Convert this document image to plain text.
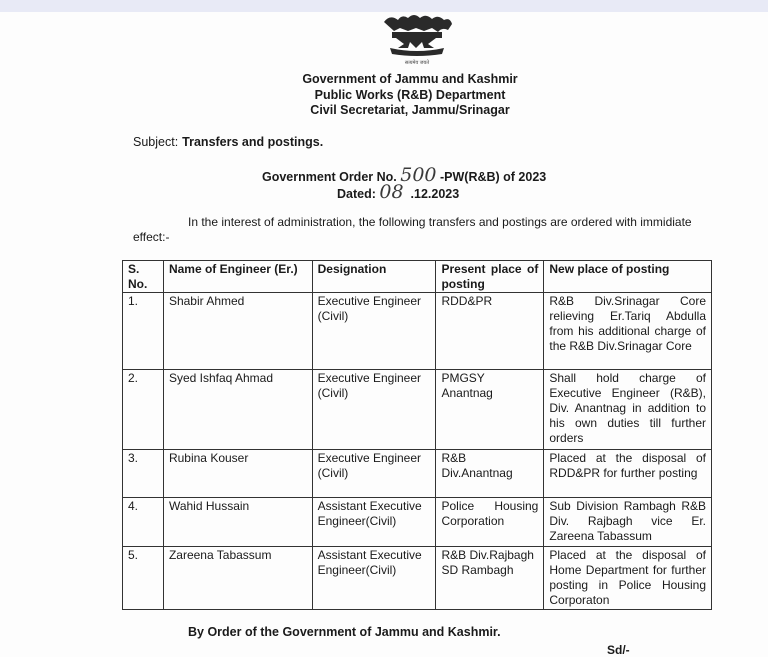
सत्यमेव जयते
Government of Jammu and Kashmir
Public Works (R&B) Department
Civil Secretariat, Jammu/Srinagar
Subject: Transfers and postings.
Government Order No. 500 -PW(R&B) of 2023
Dated: 08 .12.2023
In the interest of administration, the following transfers and postings are ordered with immidiate effect:-
S. No.	Name of Engineer (Er.)	Designation	Present place of posting	New place of posting
1.	Shabir Ahmed	Executive Engineer (Civil)	RDD&PR	R&B Div.Srinagar Core relieving Er.Tariq Abdulla from his additional charge of the R&B Div.Srinagar Core
2.	Syed Ishfaq Ahmad	Executive Engineer (Civil)	PMGSY Anantnag	Shall hold charge of Executive Engineer (R&B), Div. Anantnag in addition to his own duties till further orders
3.	Rubina Kouser	Executive Engineer (Civil)	R&B Div.Anantnag	Placed at the disposal of RDD&PR for further posting
4.	Wahid Hussain	Assistant Executive Engineer(Civil)	Police Housing Corporation	Sub Division Rambagh R&B Div. Rajbagh vice Er. Zareena Tabassum
5.	Zareena Tabassum	Assistant Executive Engineer(Civil)	R&B Div.Rajbagh SD Rambagh	Placed at the disposal of Home Department for further posting in Police Housing Corporaton
By Order of the Government of Jammu and Kashmir.
Sd/-
